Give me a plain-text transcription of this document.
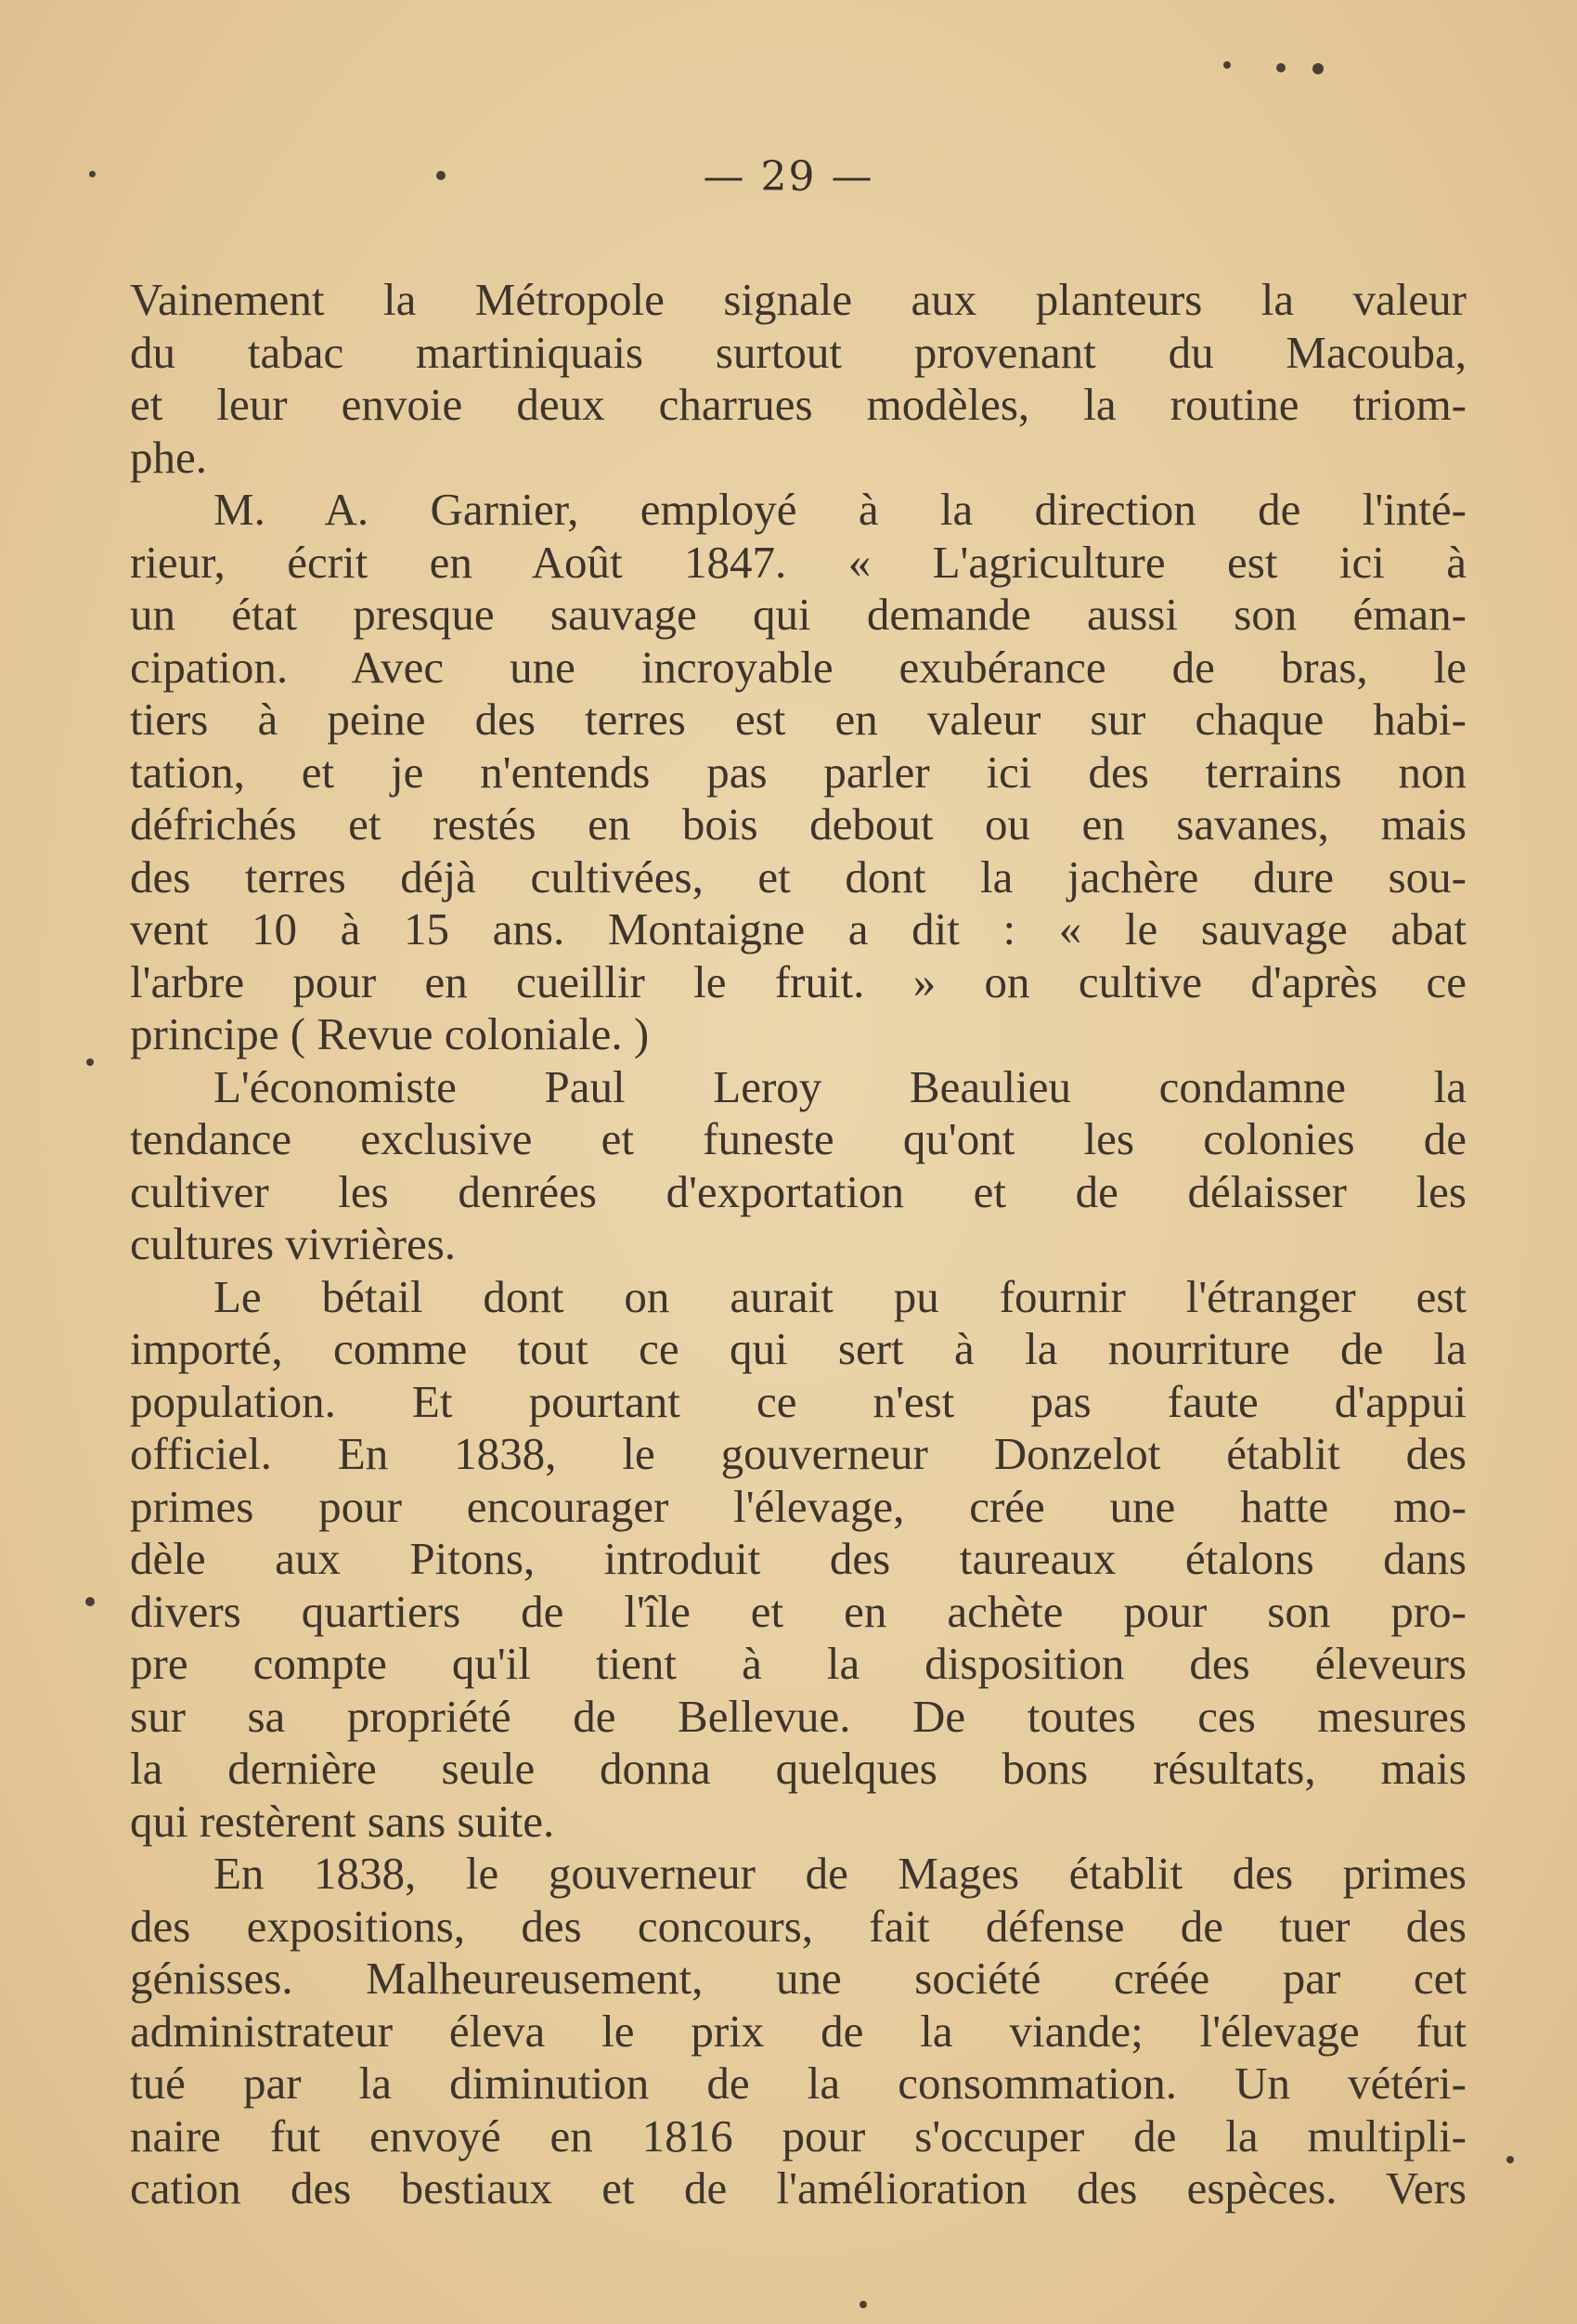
— 29 —
Vainement la Métropole signale aux planteurs la valeur
du tabac martiniquais surtout provenant du Macouba,
et leur envoie deux charrues modèles, la routine triom-
phe.
M. A. Garnier, employé à la direction de l'inté-
rieur, écrit en Août 1847. « L'agriculture est ici à
un état presque sauvage qui demande aussi son éman-
cipation. Avec une incroyable exubérance de bras, le
tiers à peine des terres est en valeur sur chaque habi-
tation, et je n'entends pas parler ici des terrains non
défrichés et restés en bois debout ou en savanes, mais
des terres déjà cultivées, et dont la jachère dure sou-
vent 10 à 15 ans. Montaigne a dit : « le sauvage abat
l'arbre pour en cueillir le fruit. » on cultive d'après ce
principe ( Revue coloniale. )
L'économiste Paul Leroy Beaulieu condamne la
tendance exclusive et funeste qu'ont les colonies de
cultiver les denrées d'exportation et de délaisser les
cultures vivrières.
Le bétail dont on aurait pu fournir l'étranger est
importé, comme tout ce qui sert à la nourriture de la
population. Et pourtant ce n'est pas faute d'appui
officiel. En 1838, le gouverneur Donzelot établit des
primes pour encourager l'élevage, crée une hatte mo-
dèle aux Pitons, introduit des taureaux étalons dans
divers quartiers de l'île et en achète pour son pro-
pre compte qu'il tient à la disposition des éleveurs
sur sa propriété de Bellevue. De toutes ces mesures
la dernière seule donna quelques bons résultats, mais
qui restèrent sans suite.
En 1838, le gouverneur de Mages établit des primes
des expositions, des concours, fait défense de tuer des
génisses. Malheureusement, une société créée par cet
administrateur éleva le prix de la viande; l'élevage fut
tué par la diminution de la consommation. Un vétéri-
naire fut envoyé en 1816 pour s'occuper de la multipli-
cation des bestiaux et de l'amélioration des espèces. Vers
